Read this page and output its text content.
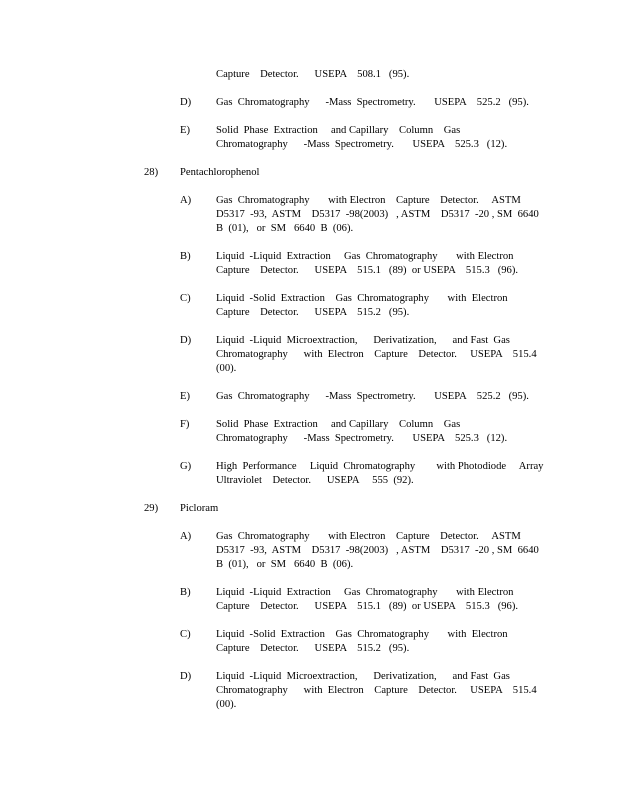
Capture    Detector.      USEPA    508.1   (95).
D) Gas  Chromatography      -Mass  Spectrometry.       USEPA    525.2   (95).
E) Solid  Phase  Extraction     and Capillary    Column    Gas
Chromatography      -Mass  Spectrometry.       USEPA    525.3   (12).
28) Pentachlorophenol
A) Gas  Chromatography       with Electron    Capture    Detector.     ASTM
D5317  -93,  ASTM    D5317  -98(2003)   , ASTM    D5317  -20 , SM  6640
B  (01),   or  SM   6640  B  (06).
B) Liquid  -Liquid  Extraction     Gas  Chromatography       with Electron
Capture    Detector.      USEPA    515.1   (89)  or USEPA    515.3   (96).
C) Liquid  -Solid  Extraction    Gas  Chromatography       with  Electron
Capture    Detector.      USEPA    515.2   (95).
D) Liquid  -Liquid  Microextraction,      Derivatization,      and Fast  Gas
Chromatography      with  Electron    Capture    Detector.     USEPA    515.4
(00).
E) Gas  Chromatography      -Mass  Spectrometry.       USEPA    525.2   (95).
F)	Solid  Phase  Extraction     and Capillary    Column    Gas
Chromatography      -Mass  Spectrometry.       USEPA    525.3   (12).
G) High  Performance     Liquid  Chromatography        with Photodiode     Array
Ultraviolet    Detector.      USEPA     555  (92).
29) Picloram
A) Gas  Chromatography       with Electron    Capture    Detector.     ASTM
D5317  -93,  ASTM    D5317  -98(2003)   , ASTM    D5317  -20 , SM  6640
B  (01),   or  SM   6640  B  (06).
B) Liquid  -Liquid  Extraction     Gas  Chromatography       with Electron
Capture    Detector.      USEPA    515.1   (89)  or USEPA    515.3   (96).
C) Liquid  -Solid  Extraction    Gas  Chromatography       with  Electron
Capture    Detector.      USEPA    515.2   (95).
D) Liquid  -Liquid  Microextraction,      Derivatization,      and Fast  Gas
Chromatography      with  Electron    Capture    Detector.     USEPA    515.4
(00).
